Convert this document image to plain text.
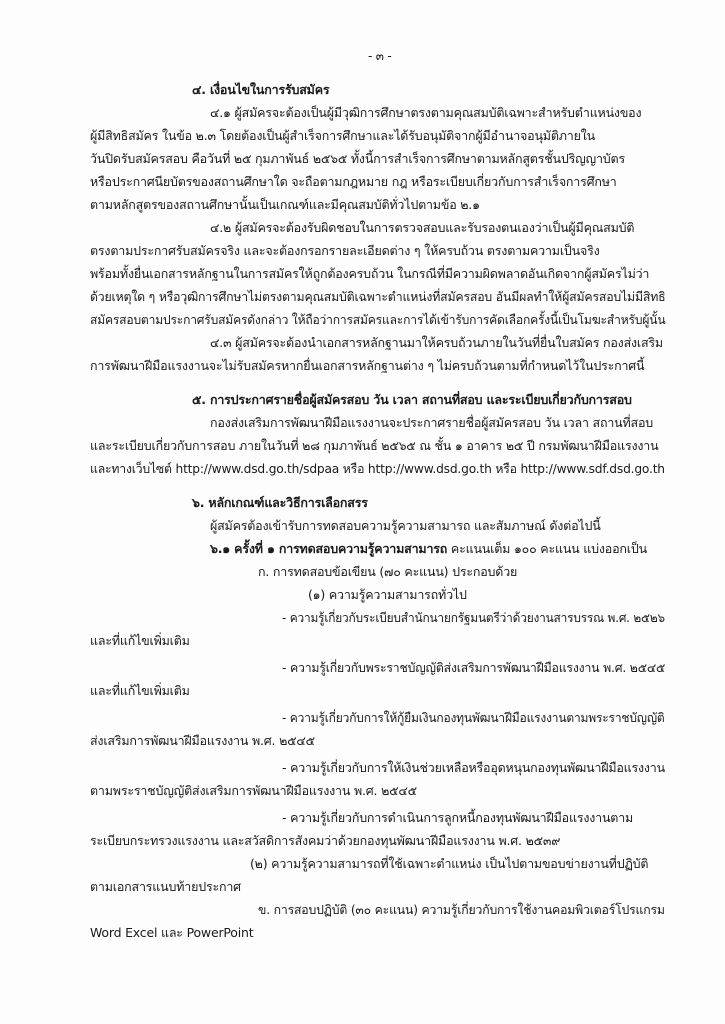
- ๓ -

๔. เงื่อนไขในการรับสมัคร

๔.๑ ผู้สมัครจะต้องเป็นผู้มีวุฒิการศึกษาตรงตามคุณสมบัติเฉพาะสำหรับตำแหน่งของ

ผู้มีสิทธิสมัคร ในข้อ ๒.๓ โดยต้องเป็นผู้สำเร็จการศึกษาและได้รับอนุมัติจากผู้มีอำนาจอนุมัติภายใน

วันปิดรับสมัครสอบ คือวันที่ ๒๕ กุมภาพันธ์ ๒๕๖๕ ทั้งนี้การสำเร็จการศึกษาตามหลักสูตรชั้นปริญญาบัตร

หรือประกาศนียบัตรของสถานศึกษาใด จะถือตามกฎหมาย กฎ หรือระเบียบเกี่ยวกับการสำเร็จการศึกษา

ตามหลักสูตรของสถานศึกษานั้นเป็นเกณฑ์และมีคุณสมบัติทั่วไปตามข้อ ๒.๑

๔.๒ ผู้สมัครจะต้องรับผิดชอบในการตรวจสอบและรับรองตนเองว่าเป็นผู้มีคุณสมบัติ

ตรงตามประกาศรับสมัครจริง และจะต้องกรอกรายละเอียดต่าง ๆ ให้ครบถ้วน ตรงตามความเป็นจริง

พร้อมทั้งยื่นเอกสารหลักฐานในการสมัครให้ถูกต้องครบถ้วน ในกรณีที่มีความผิดพลาดอันเกิดจากผู้สมัครไม่ว่า

ด้วยเหตุใด ๆ หรือวุฒิการศึกษาไม่ตรงตามคุณสมบัติเฉพาะตำแหน่งที่สมัครสอบ อันมีผลทำให้ผู้สมัครสอบไม่มีสิทธิ

สมัครสอบตามประกาศรับสมัครดังกล่าว ให้ถือว่าการสมัครและการได้เข้ารับการคัดเลือกครั้งนี้เป็นโมฆะสำหรับผู้นั้น

๔.๓ ผู้สมัครจะต้องนำเอกสารหลักฐานมาให้ครบถ้วนภายในวันที่ยื่นใบสมัคร กองส่งเสริม

การพัฒนาฝีมือแรงงานจะไม่รับสมัครหากยื่นเอกสารหลักฐานต่าง ๆ ไม่ครบถ้วนตามที่กำหนดไว้ในประกาศนี้

๕. การประกาศรายชื่อผู้สมัครสอบ วัน เวลา สถานที่สอบ และระเบียบเกี่ยวกับการสอบ

กองส่งเสริมการพัฒนาฝีมือแรงงานจะประกาศรายชื่อผู้สมัครสอบ วัน เวลา สถานที่สอบ

และระเบียบเกี่ยวกับการสอบ ภายในวันที่ ๒๘ กุมภาพันธ์ ๒๕๖๕ ณ ชั้น ๑ อาคาร ๒๕ ปี กรมพัฒนาฝีมือแรงงาน

และทางเว็บไซต์ http://www.dsd.go.th/sdpaa หรือ http://www.dsd.go.th หรือ http://www.sdf.dsd.go.th

๖. หลักเกณฑ์และวิธีการเลือกสรร

ผู้สมัครต้องเข้ารับการทดสอบความรู้ความสามารถ และสัมภาษณ์ ดังต่อไปนี้

๖.๑ ครั้งที่ ๑ การทดสอบความรู้ความสามารถ คะแนนเต็ม ๑๐๐ คะแนน แบ่งออกเป็น

ก. การทดสอบข้อเขียน (๗๐ คะแนน) ประกอบด้วย

(๑) ความรู้ความสามารถทั่วไป

- ความรู้เกี่ยวกับระเบียบสำนักนายกรัฐมนตรีว่าด้วยงานสารบรรณ พ.ศ. ๒๕๒๖

และที่แก้ไขเพิ่มเติม

- ความรู้เกี่ยวกับพระราชบัญญัติส่งเสริมการพัฒนาฝีมือแรงงาน พ.ศ. ๒๕๔๕

และที่แก้ไขเพิ่มเติม

- ความรู้เกี่ยวกับการให้กู้ยืมเงินกองทุนพัฒนาฝีมือแรงงานตามพระราชบัญญัติ

ส่งเสริมการพัฒนาฝีมือแรงงาน พ.ศ. ๒๕๔๕

- ความรู้เกี่ยวกับการให้เงินช่วยเหลือหรืออุดหนุนกองทุนพัฒนาฝีมือแรงงาน

ตามพระราชบัญญัติส่งเสริมการพัฒนาฝีมือแรงงาน พ.ศ. ๒๕๔๕

- ความรู้เกี่ยวกับการดำเนินการลูกหนี้กองทุนพัฒนาฝีมือแรงงานตาม

ระเบียบกระทรวงแรงงาน และสวัสดิการสังคมว่าด้วยกองทุนพัฒนาฝีมือแรงงาน พ.ศ. ๒๕๓๙

(๒) ความรู้ความสามารถที่ใช้เฉพาะตำแหน่ง เป็นไปตามขอบข่ายงานที่ปฏิบัติ

ตามเอกสารแนบท้ายประกาศ

ข. การสอบปฏิบัติ (๓๐ คะแนน) ความรู้เกี่ยวกับการใช้งานคอมพิวเตอร์โปรแกรม

Word Excel และ PowerPoint
